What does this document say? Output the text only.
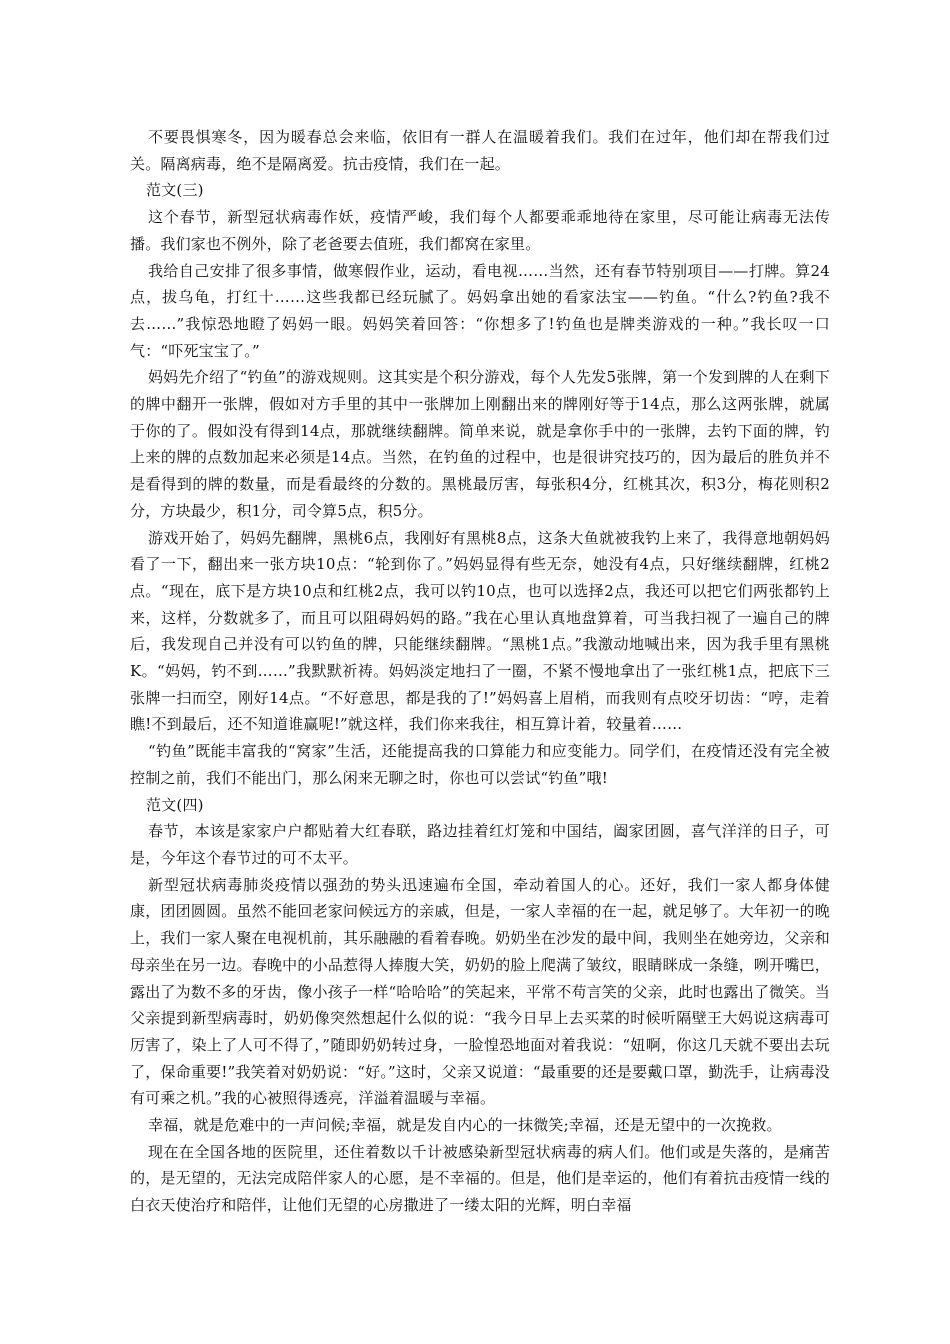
不要畏惧寒冬，因为暖春总会来临，依旧有一群人在温暖着我们。我们在过年，他们却在帮我们过关。隔离病毒，绝不是隔离爱。抗击疫情，我们在一起。

范文(三)

这个春节，新型冠状病毒作妖，疫情严峻，我们每个人都要乖乖地待在家里，尽可能让病毒无法传播。我们家也不例外，除了老爸要去值班，我们都窝在家里。

我给自己安排了很多事情，做寒假作业，运动，看电视……当然，还有春节特别项目——打牌。算24点，拔乌龟，打红十……这些我都已经玩腻了。妈妈拿出她的看家法宝——钓鱼。“什么?钓鱼?我不去……”我惊恐地瞪了妈妈一眼。妈妈笑着回答：“你想多了!钓鱼也是牌类游戏的一种。”我长叹一口气：“吓死宝宝了。”

妈妈先介绍了“钓鱼”的游戏规则。这其实是个积分游戏，每个人先发5张牌，第一个发到牌的人在剩下的牌中翻开一张牌，假如对方手里的其中一张牌加上刚翻出来的牌刚好等于14点，那么这两张牌，就属于你的了。假如没有得到14点，那就继续翻牌。简单来说，就是拿你手中的一张牌，去钓下面的牌，钓上来的牌的点数加起来必须是14点。当然，在钓鱼的过程中，也是很讲究技巧的，因为最后的胜负并不是看得到的牌的数量，而是看最终的分数的。黑桃最厉害，每张积4分，红桃其次，积3分，梅花则积2分，方块最少，积1分，司令算5点，积5分。

游戏开始了，妈妈先翻牌，黑桃6点，我刚好有黑桃8点，这条大鱼就被我钓上来了，我得意地朝妈妈看了一下，翻出来一张方块10点：“轮到你了。”妈妈显得有些无奈，她没有4点，只好继续翻牌，红桃2点。“现在，底下是方块10点和红桃2点，我可以钓10点，也可以选择2点，我还可以把它们两张都钓上来，这样，分数就多了，而且可以阻碍妈妈的路。”我在心里认真地盘算着，可当我扫视了一遍自己的牌后，我发现自己并没有可以钓鱼的牌，只能继续翻牌。“黑桃1点。”我激动地喊出来，因为我手里有黑桃K。“妈妈，钓不到……”我默默祈祷。妈妈淡定地扫了一圈，不紧不慢地拿出了一张红桃1点，把底下三张牌一扫而空，刚好14点。“不好意思，都是我的了!”妈妈喜上眉梢，而我则有点咬牙切齿：“哼，走着瞧!不到最后，还不知道谁赢呢!”就这样，我们你来我往，相互算计着，较量着……

“钓鱼”既能丰富我的“窝家”生活，还能提高我的口算能力和应变能力。同学们，在疫情还没有完全被控制之前，我们不能出门，那么闲来无聊之时，你也可以尝试“钓鱼”哦!

范文(四)

春节，本该是家家户户都贴着大红春联，路边挂着红灯笼和中国结，阖家团圆，喜气洋洋的日子，可是，今年这个春节过的可不太平。

新型冠状病毒肺炎疫情以强劲的势头迅速遍布全国，牵动着国人的心。还好，我们一家人都身体健康，团团圆圆。虽然不能回老家问候远方的亲戚，但是，一家人幸福的在一起，就足够了。大年初一的晚上，我们一家人聚在电视机前，其乐融融的看着春晚。奶奶坐在沙发的最中间，我则坐在她旁边，父亲和母亲坐在另一边。春晚中的小品惹得人捧腹大笑，奶奶的脸上爬满了皱纹，眼睛眯成一条缝，咧开嘴巴，露出了为数不多的牙齿，像小孩子一样“哈哈哈”的笑起来，平常不苟言笑的父亲，此时也露出了微笑。当父亲提到新型病毒时，奶奶像突然想起什么似的说：“我今日早上去买菜的时候听隔壁王大妈说这病毒可厉害了，染上了人可不得了，”随即奶奶转过身，一脸惶恐地面对着我说：“妞啊，你这几天就不要出去玩了，保命重要!”我笑着对奶奶说：“好。”这时，父亲又说道：“最重要的还是要戴口罩，勤洗手，让病毒没有可乘之机。”我的心被照得透亮，洋溢着温暖与幸福。

幸福，就是危难中的一声问候;幸福，就是发自内心的一抹微笑;幸福，还是无望中的一次挽救。

现在在全国各地的医院里，还住着数以千计被感染新型冠状病毒的病人们。他们或是失落的，是痛苦的，是无望的，无法完成陪伴家人的心愿，是不幸福的。但是，他们是幸运的，他们有着抗击疫情一线的白衣天使治疗和陪伴，让他们无望的心房撒进了一缕太阳的光辉，明白幸福
